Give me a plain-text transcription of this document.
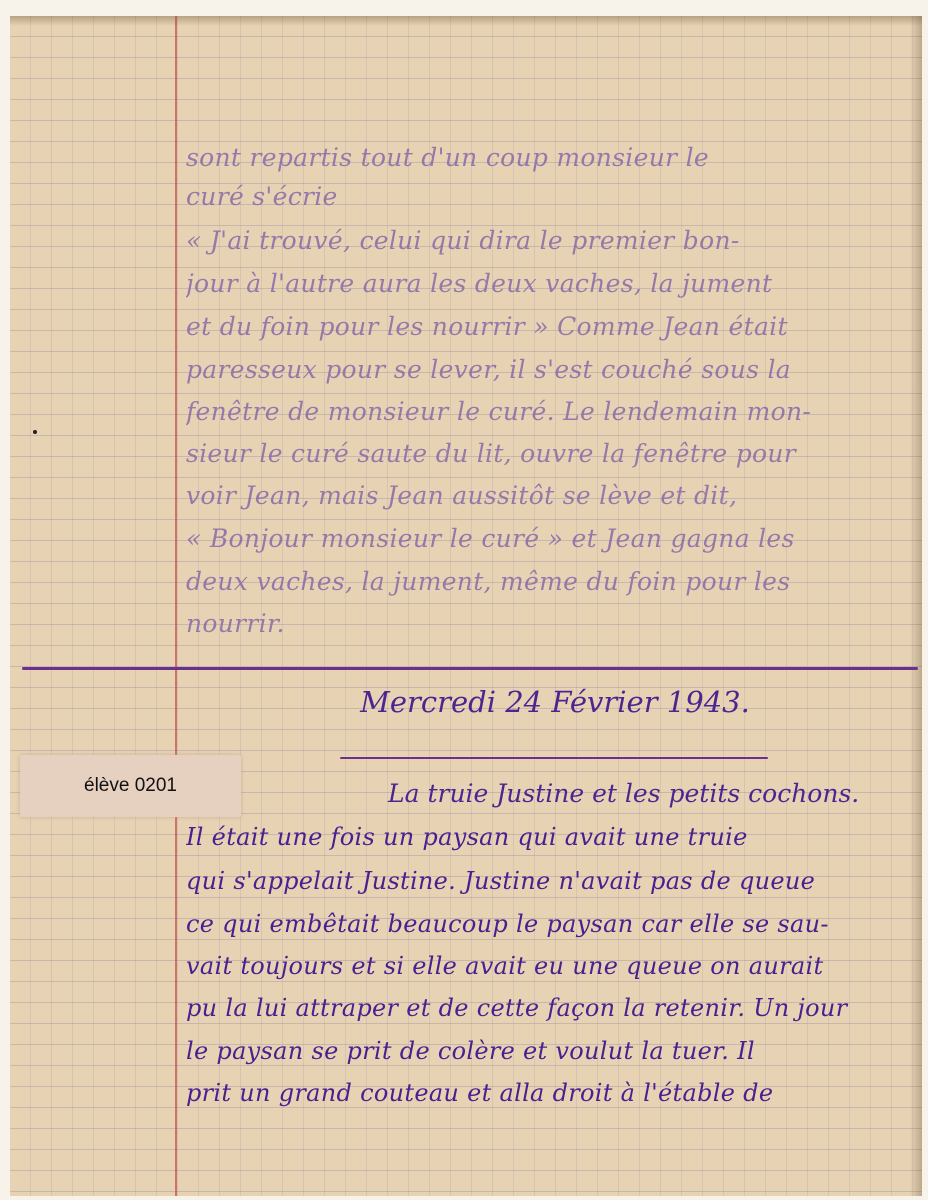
sont repartis tout d'un coup monsieur le
curé s'écrie
« J'ai trouvé, celui qui dira le premier bon-
jour à l'autre aura les deux vaches, la jument
et du foin pour les nourrir » Comme Jean était
paresseux pour se lever, il s'est couché sous la
fenêtre de monsieur le curé. Le lendemain mon-
sieur le curé saute du lit, ouvre la fenêtre pour
voir Jean, mais Jean aussitôt se lève et dit,
« Bonjour monsieur le curé » et Jean gagna les
deux vaches, la jument, même du foin pour les
nourrir.
Mercredi 24 Février 1943.
La truie Justine et les petits cochons.
Il était une fois un paysan qui avait une truie
qui s'appelait Justine. Justine n'avait pas de queue
ce qui embêtait beaucoup le paysan car elle se sau-
vait toujours et si elle avait eu une queue on aurait
pu la lui attraper et de cette façon la retenir. Un jour
le paysan se prit de colère et voulut la tuer. Il
prit un grand couteau et alla droit à l'étable de
élève 0201
